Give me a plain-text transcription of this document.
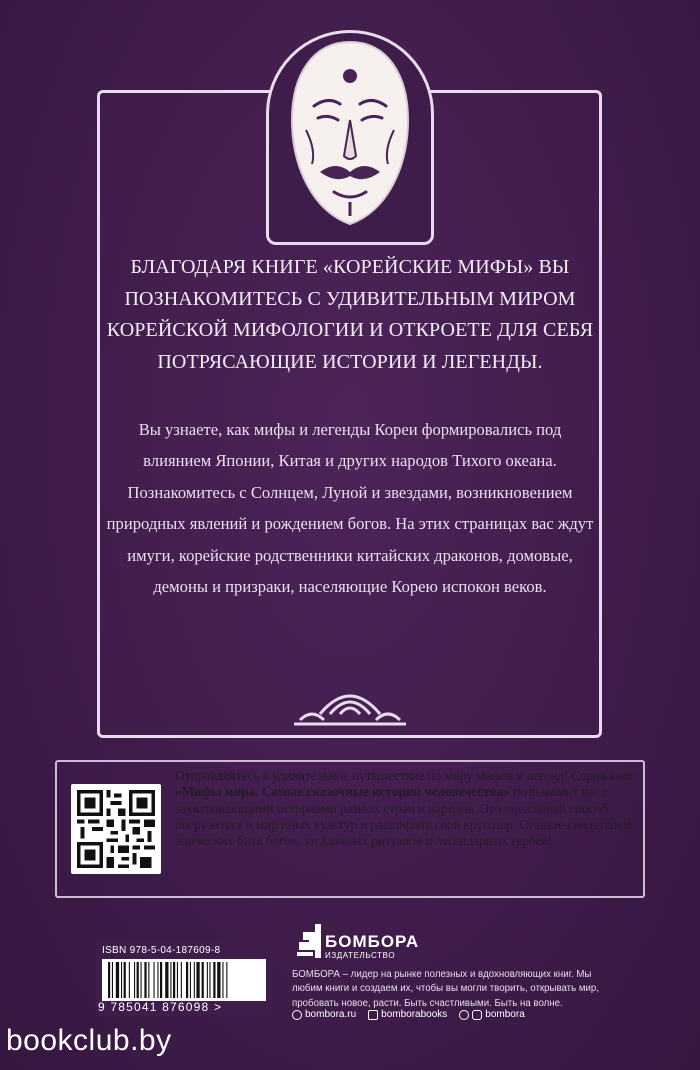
БЛАГОДАРЯ КНИГЕ «КОРЕЙСКИЕ МИФЫ» ВЫ ПОЗНАКОМИТЕСЬ С УДИВИТЕЛЬНЫМ МИРОМ КОРЕЙСКОЙ МИФОЛОГИИ И ОТКРОЕТЕ ДЛЯ СЕБЯ ПОТРЯСАЮЩИЕ ИСТОРИИ И ЛЕГЕНДЫ.
Вы узнаете, как мифы и легенды Кореи формировались под влиянием Японии, Китая и других народов Тихого океана. Познакомитесь с Солнцем, Луной и звездами, возникновением природных явлений и рождением богов. На этих страницах вас ждут имуги, корейские родственники китайских драконов, домовые, демоны и призраки, населяющие Корею испокон веков.
Отправляйтесь в удивительное путешествие по миру мифов и легенд! Серия книг «Мифы мира. Самые сказочные истории человечества» познакомит вас с захватывающими историями разных стран и народов. Это идеальный способ погрузиться в мир иных культур и расширить свой кругозор. Станьте свидетелем эпических битв богов, загадочных ритуалов и легендарных героев!
ISBN 978-5-04-187609-8
9 785041 876098 >
БОМБОРА
ИЗДАТЕЛЬСТВО
БОМБОРА – лидер на рынке полезных и вдохновляющих книг. Мы любим книги и создаем их, чтобы вы могли творить, открывать мир, пробовать новое, расти. Быть счастливыми. Быть на волне.
bombora.ru	bomborabooks	bombora
bookclub.by
